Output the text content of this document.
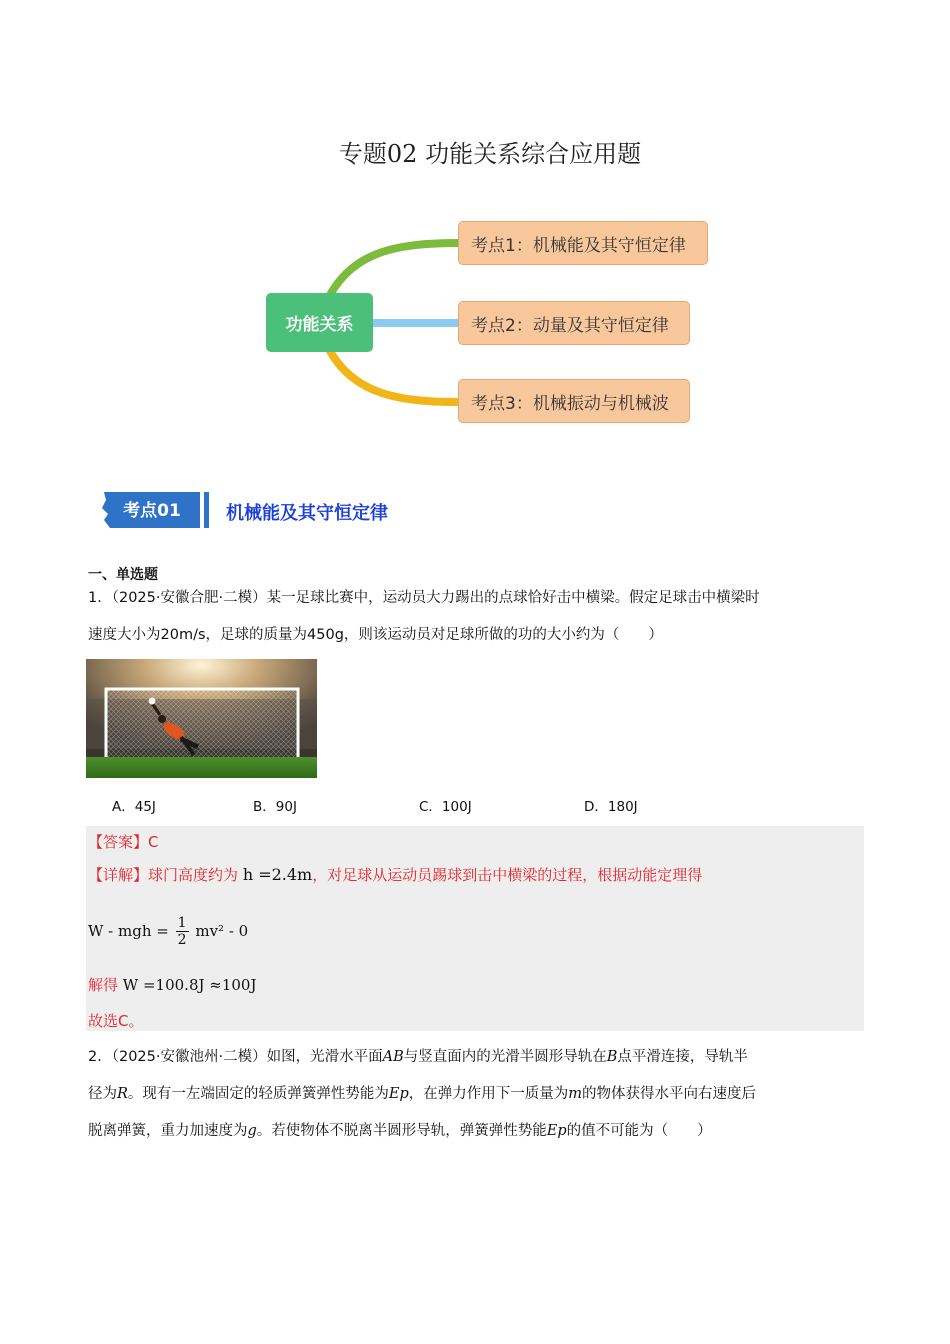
专题02 功能关系综合应用题
功能关系
考点1：机械能及其守恒定律
考点2：动量及其守恒定律
考点3：机械振动与机械波
考点01	机械能及其守恒定律
一、单选题
1．（2025·安徽合肥·二模）某一足球比赛中，运动员大力踢出的点球恰好击中横梁。假定足球击中横梁时
速度大小为20m/s，足球的质量为450g，则该运动员对足球所做的功的大小约为（　　）
A．45J	B．90J	C．100J	D．180J
【答案】C
【详解】球门高度约为 h =2.4m，对足球从运动员踢球到击中横梁的过程，根据动能定理得
W - mgh = $\frac{1}{2} mv^2 - 0$
解得 W =100.8J ≈100J
故选C。
2．（2025·安徽池州·二模）如图，光滑水平面AB与竖直面内的光滑半圆形导轨在B点平滑连接，导轨半
径为R。现有一左端固定的轻质弹簧弹性势能为Ep，在弹力作用下一质量为m的物体获得水平向右速度后
脱离弹簧，重力加速度为g。若使物体不脱离半圆形导轨，弹簧弹性势能Ep的值不可能为（　　）
